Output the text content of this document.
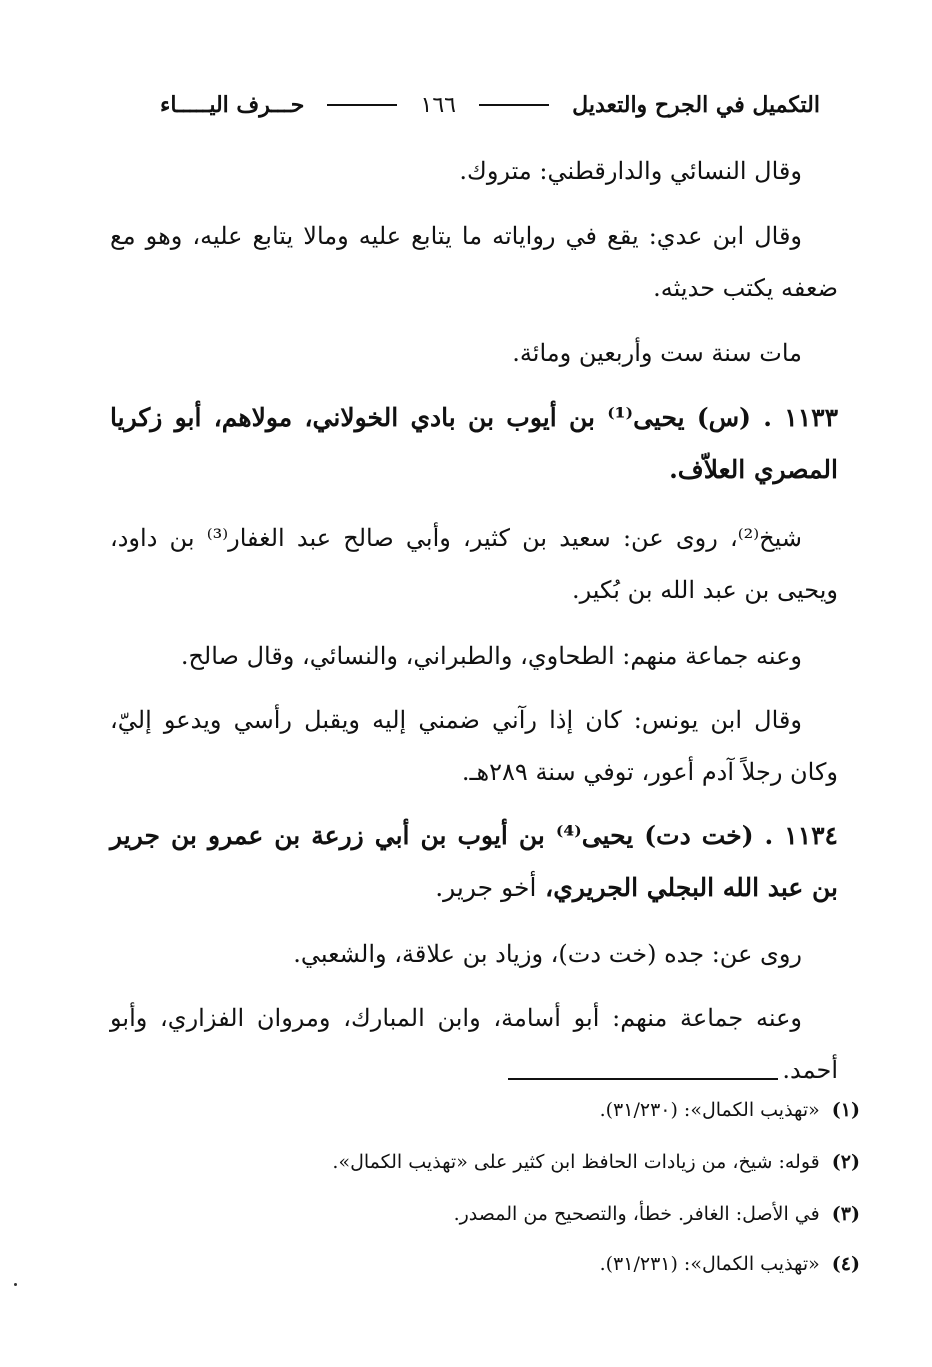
التكميل في الجرح والتعديل
١٦٦
حـــرف اليـــــاء

وقال النسائي والدارقطني: متروك.

وقال ابن عدي: يقع في رواياته ما يتابع عليه ومالا يتابع عليه، وهو مع ضعفه يكتب حديثه.

مات سنة ست وأربعين ومائة.

١١٣٣ . (س) يحيى⁽¹⁾ بن أيوب بن بادي الخولاني، مولاهم، أبو زكريا المصري العلاّف.

شيخ⁽²⁾، روى عن: سعيد بن كثير، وأبي صالح عبد الغفار⁽³⁾ بن داود، ويحيى بن عبد الله بن بُكير.

وعنه جماعة منهم: الطحاوي، والطبراني، والنسائي، وقال صالح.

وقال ابن يونس: كان إذا رآني ضمني إليه ويقبل رأسي ويدعو إليّ، وكان رجلاً آدم أعور، توفي سنة ٢٨٩هـ.

١١٣٤ . (خت دت) يحيى⁽⁴⁾ بن أيوب بن أبي زرعة بن عمرو بن جرير بن عبد الله البجلي الجريري، أخو جرير.

روى عن: جده (خت دت)، وزياد بن علاقة، والشعبي.

وعنه جماعة منهم: أبو أسامة، وابن المبارك، ومروان الفزاري، وأبو أحمد.

(١) «تهذيب الكمال»: (٣١/٢٣٠).
(٢) قوله: شيخ، من زيادات الحافظ ابن كثير على «تهذيب الكمال».
(٣) في الأصل: الغافر. خطأ، والتصحيح من المصدر.
(٤) «تهذيب الكمال»: (٣١/٢٣١).
